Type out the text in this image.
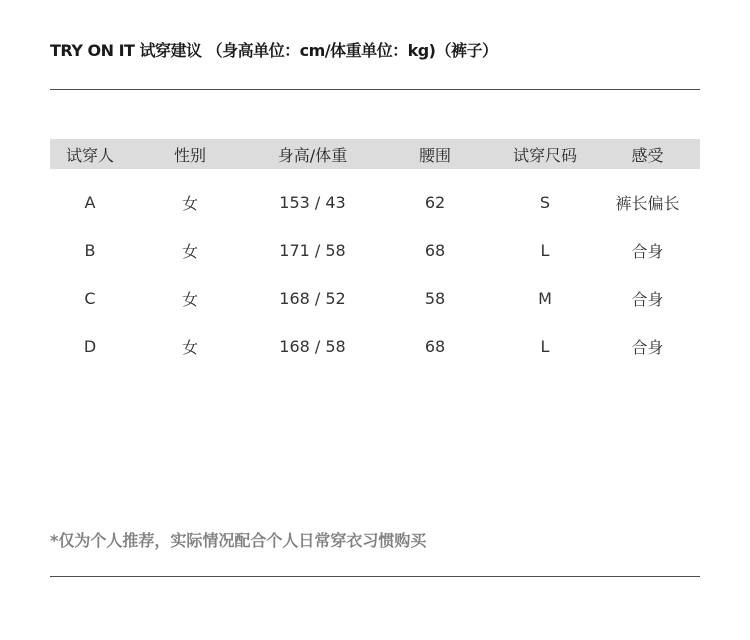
TRY ON IT 试穿建议 （身高单位：cm/体重单位：kg)（裤子）
试穿人	性别	身高/体重	腰围	试穿尺码	感受
A	女	153 / 43	62	S	裤长偏长
B	女	171 / 58	68	L	合身
C	女	168 / 52	58	M	合身
D	女	168 / 58	68	L	合身
*仅为个人推荐，实际情况配合个人日常穿衣习惯购买
